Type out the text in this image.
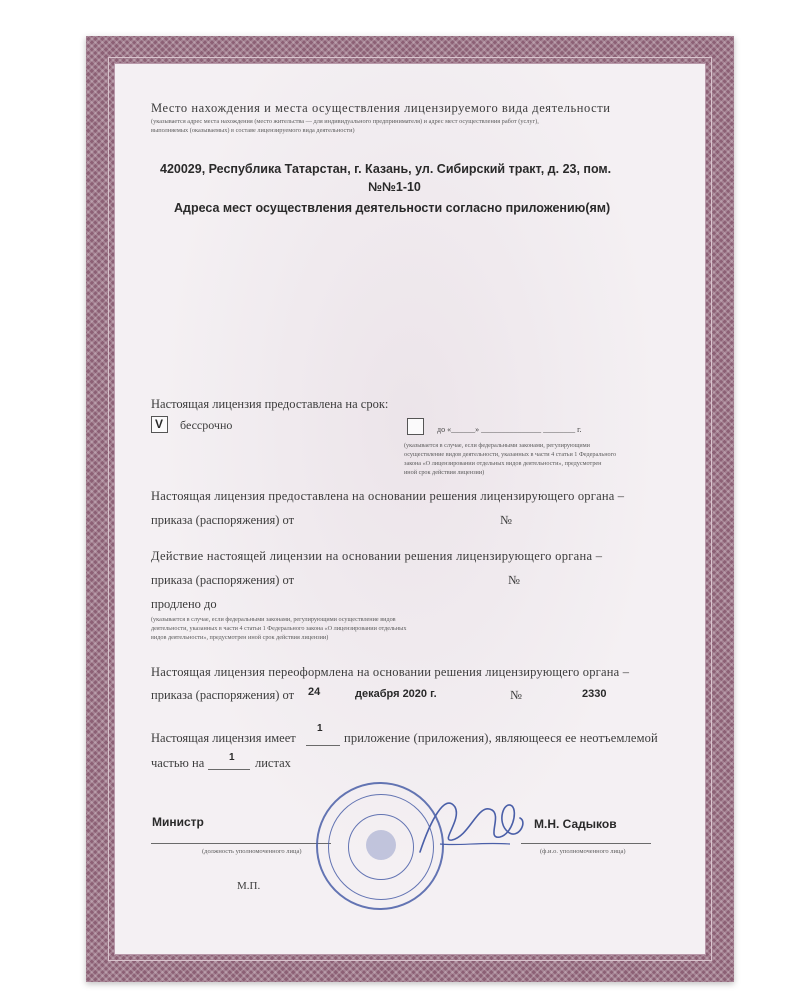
Место нахождения и места осуществления лицензируемого вида деятельности
(указывается адрес места нахождения (место жительства — для индивидуального предпринимателя) и адрес мест осуществления работ (услуг),
выполняемых (оказываемых) в составе лицензируемого вида деятельности)
420029, Республика Татарстан, г. Казань, ул. Сибирский тракт, д. 23, пом.
№№1-10
Адреса мест осуществления деятельности согласно приложению(ям)
Настоящая лицензия предоставлена на срок:
V бессрочно	до «______» _______________ ________ г.
(указывается в случае, если федеральными законами, регулирующими
осуществление видов деятельности, указанных в части 4 статьи 1 Федерального
закона «О лицензировании отдельных видов деятельности», предусмотрен
иной срок действия лицензии)
Настоящая лицензия предоставлена на основании решения лицензирующего органа –
приказа (распоряжения) от	№
Действие настоящей лицензии на основании решения лицензирующего органа –
приказа (распоряжения) от	№
продлено до
(указывается в случае, если федеральными законами, регулирующими осуществление видов
деятельности, указанных в части 4 статьи 1 Федерального закона «О лицензировании отдельных
видов деятельности», предусмотрен иной срок действия лицензии)
Настоящая лицензия переоформлена на основании решения лицензирующего органа –
приказа (распоряжения) от 24	декабря 2020 г.	№	2330
Настоящая лицензия имеет
1
приложение (приложения), являющееся ее неотъемлемой
частью на 1 листах
Министр
(должность уполномоченного лица)
М.Н. Садыков
(ф.и.о. уполномоченного лица)
М.П.
